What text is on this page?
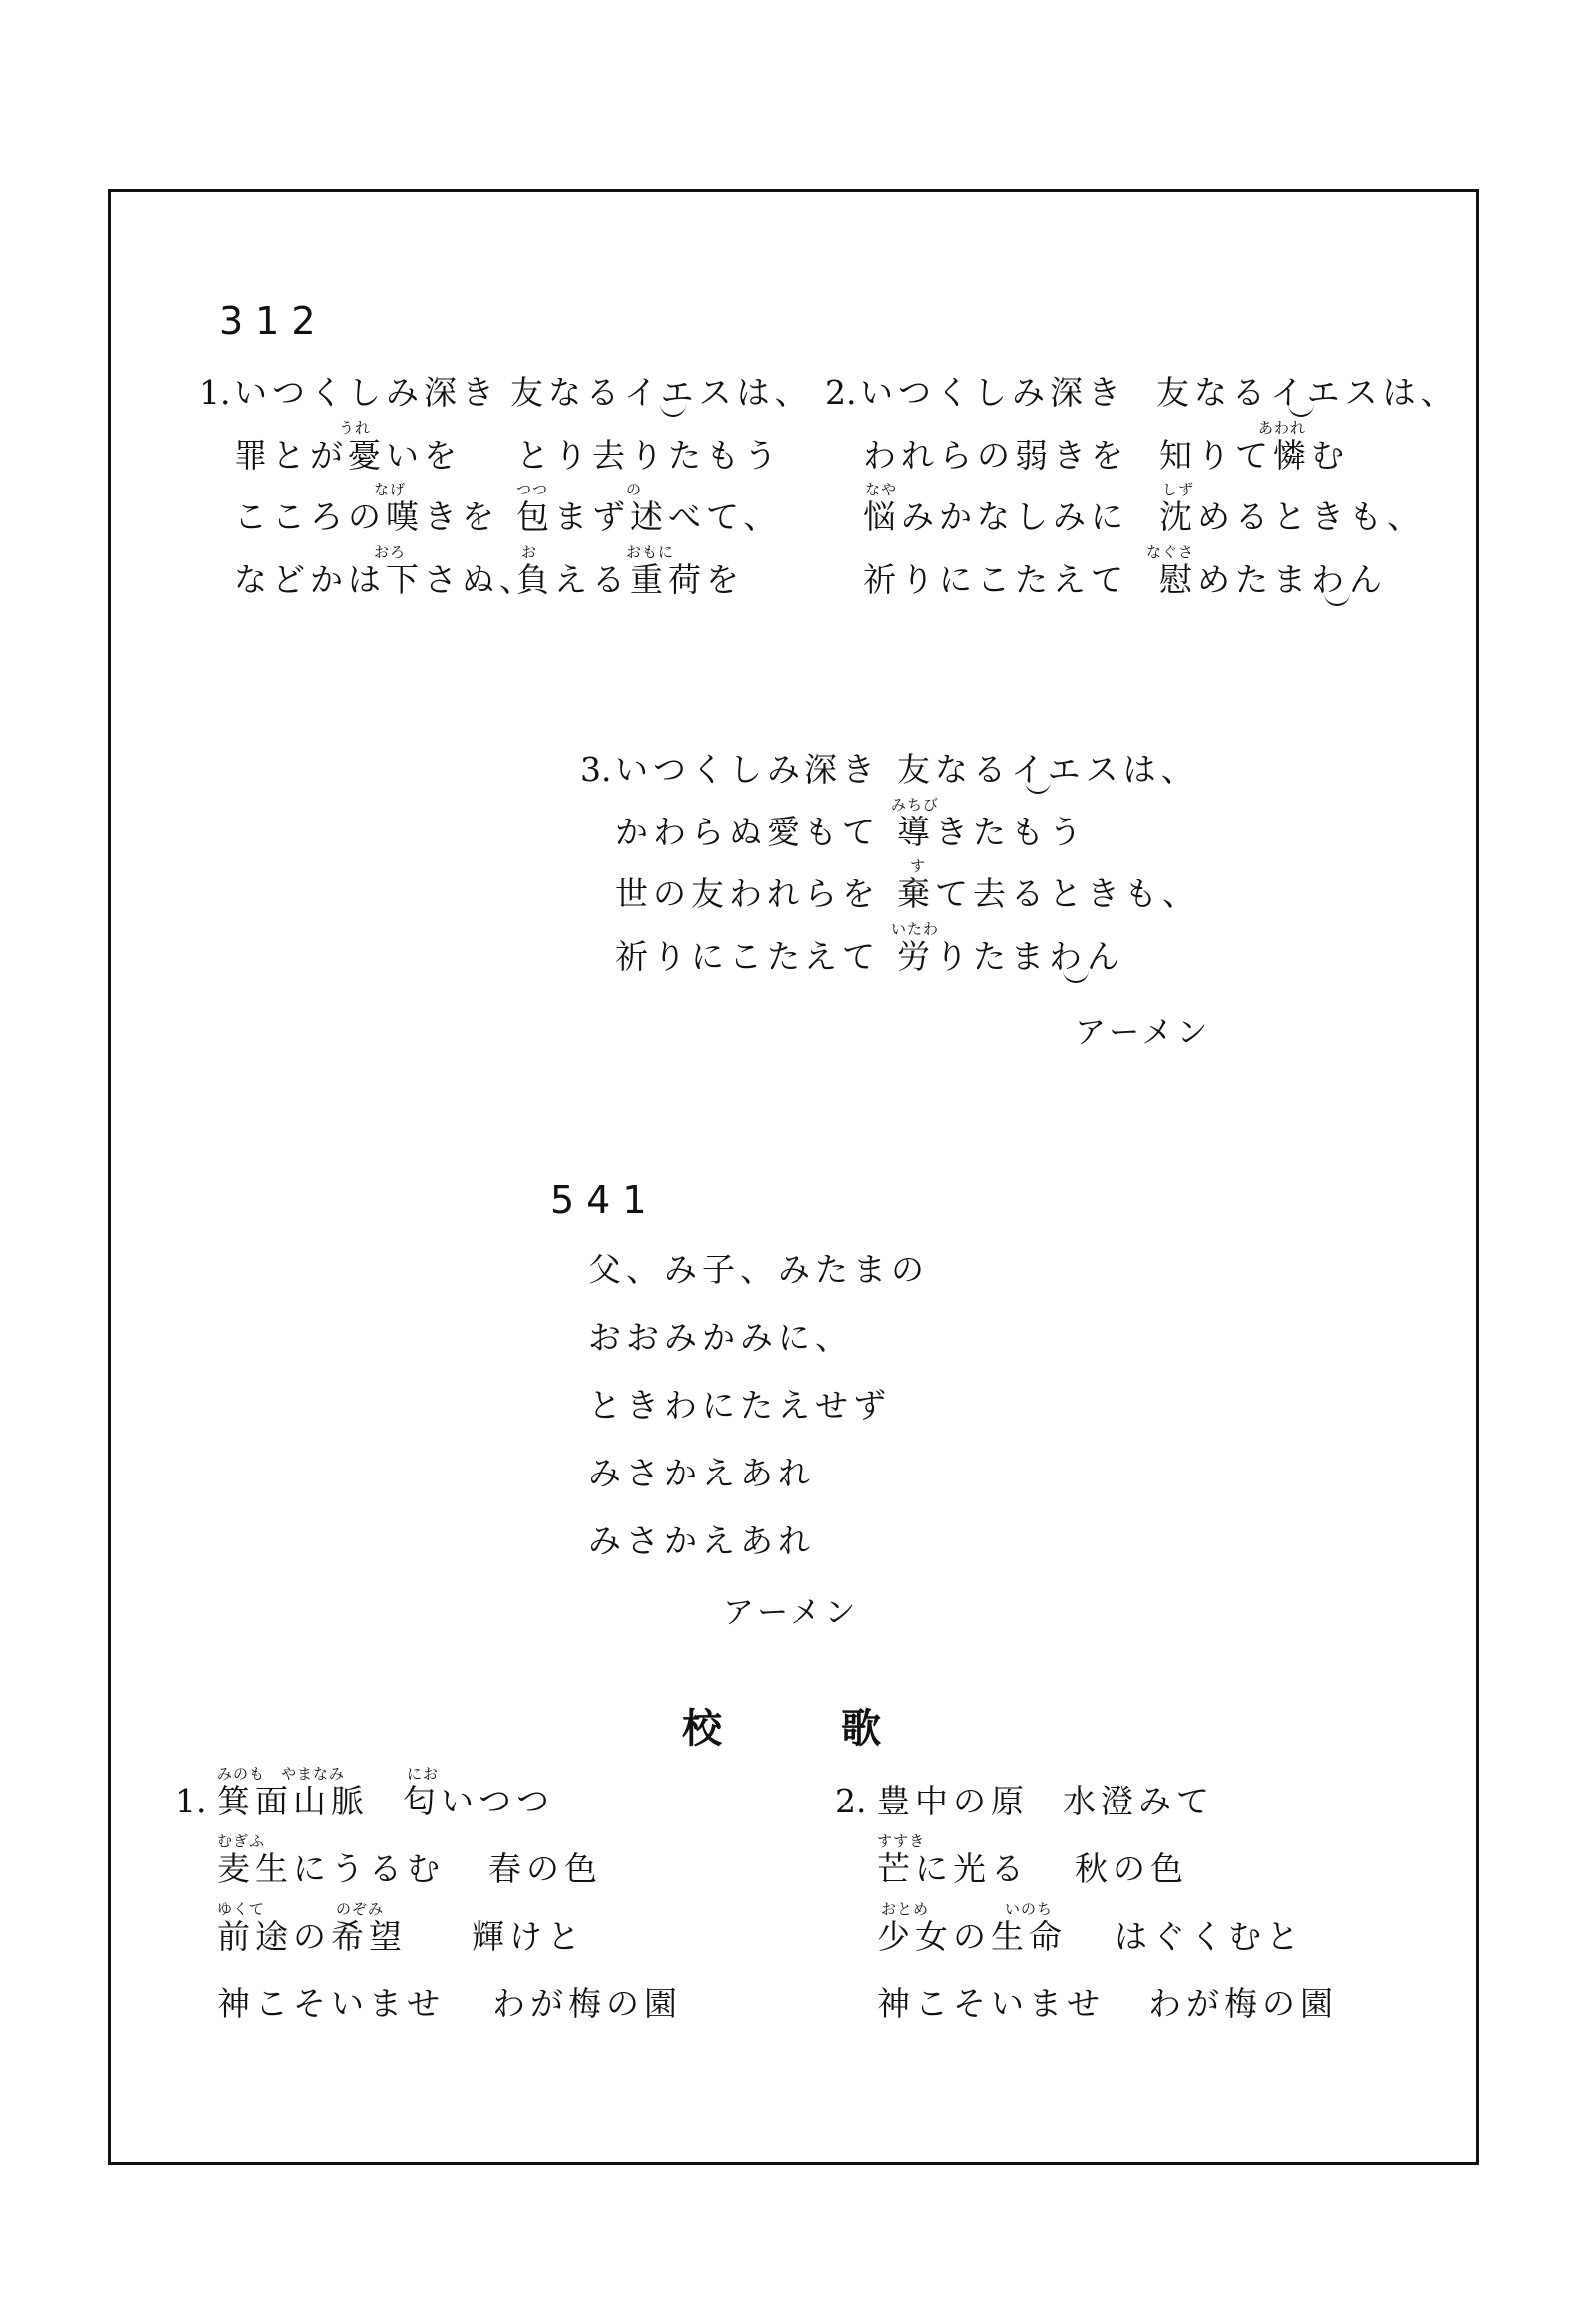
312
1. いつくしみ深き 友なるイエスは、
うれ
罪とが憂いを とり去りたもう
なげ	つつ	の
こころの嘆きを 包まず述べて、
おろ	お	おもに
などかは下さぬ、
負える重荷を
2. いつくしみ深き 友なるイエスは、
あわれ
われらの弱きを 知りて憐む
なや	しず
悩みかなしみに 沈めるときも、
なぐさ
祈りにこたえて 慰めたまわん
3. いつくしみ深き 友なるイエスは、
みちび
かわらぬ愛もて 導きたもう
す
世の友われらを 棄て去るときも、
いたわ
祈りにこたえて 労りたまわん
アーメン
541
父、み子、みたまの
おおみかみに、
ときわにたえせず
みさかえあれ
みさかえあれ
アーメン
校　　　歌
みのも やまなみ	にお
1. 箕面山脈 匂いつつ
むぎふ
麦生にうるむ 春の色
ゆくて	のぞみ
前途の希望 輝けと
神こそいませ わが梅の園
2. 豊中の原 水澄みて
すすき
芒に光る 秋の色
おとめ	いのち
少女の生命 はぐくむと
神こそいませ わが梅の園
